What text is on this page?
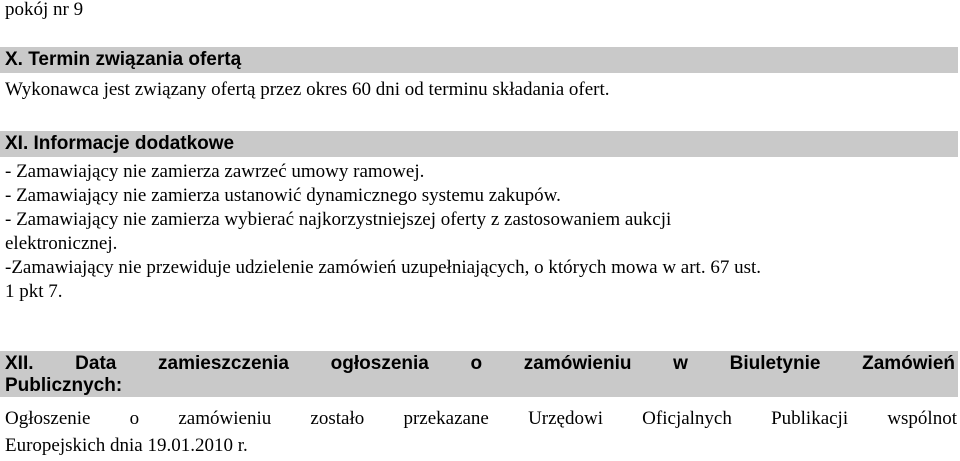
pokój nr 9
X. Termin związania ofertą
Wykonawca jest związany ofertą przez okres 60 dni od terminu składania ofert.
XI. Informacje dodatkowe
- Zamawiający nie zamierza zawrzeć umowy ramowej.
- Zamawiający nie zamierza ustanowić dynamicznego systemu zakupów.
- Zamawiający nie zamierza wybierać najkorzystniejszej oferty z zastosowaniem aukcji
elektronicznej.
-Zamawiający nie przewiduje udzielenie zamówień uzupełniających, o których mowa w art. 67 ust.
1 pkt 7.
XII. Data zamieszczenia ogłoszenia o zamówieniu w Biuletynie Zamówień
Publicznych:
Ogłoszenie o zamówieniu zostało przekazane Urzędowi Oficjalnych Publikacji wspólnot
Europejskich dnia 19.01.2010 r.
